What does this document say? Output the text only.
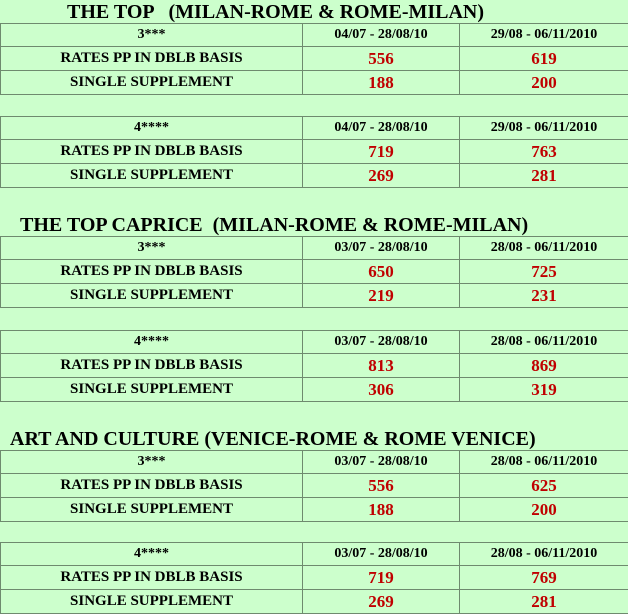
THE TOP   (MILAN-ROME & ROME-MILAN)
3***	04/07 - 28/08/10	29/08 - 06/11/2010
RATES PP IN DBLB BASIS	556	619
SINGLE SUPPLEMENT	188	200
4****	04/07 - 28/08/10	29/08 - 06/11/2010
RATES PP IN DBLB BASIS	719	763
SINGLE SUPPLEMENT	269	281
THE TOP CAPRICE  (MILAN-ROME & ROME-MILAN)
3***	03/07 - 28/08/10	28/08 - 06/11/2010
RATES PP IN DBLB BASIS	650	725
SINGLE SUPPLEMENT	219	231
4****	03/07 - 28/08/10	28/08 - 06/11/2010
RATES PP IN DBLB BASIS	813	869
SINGLE SUPPLEMENT	306	319
ART AND CULTURE (VENICE-ROME & ROME VENICE)
3***	03/07 - 28/08/10	28/08 - 06/11/2010
RATES PP IN DBLB BASIS	556	625
SINGLE SUPPLEMENT	188	200
4****	03/07 - 28/08/10	28/08 - 06/11/2010
RATES PP IN DBLB BASIS	719	769
SINGLE SUPPLEMENT	269	281
